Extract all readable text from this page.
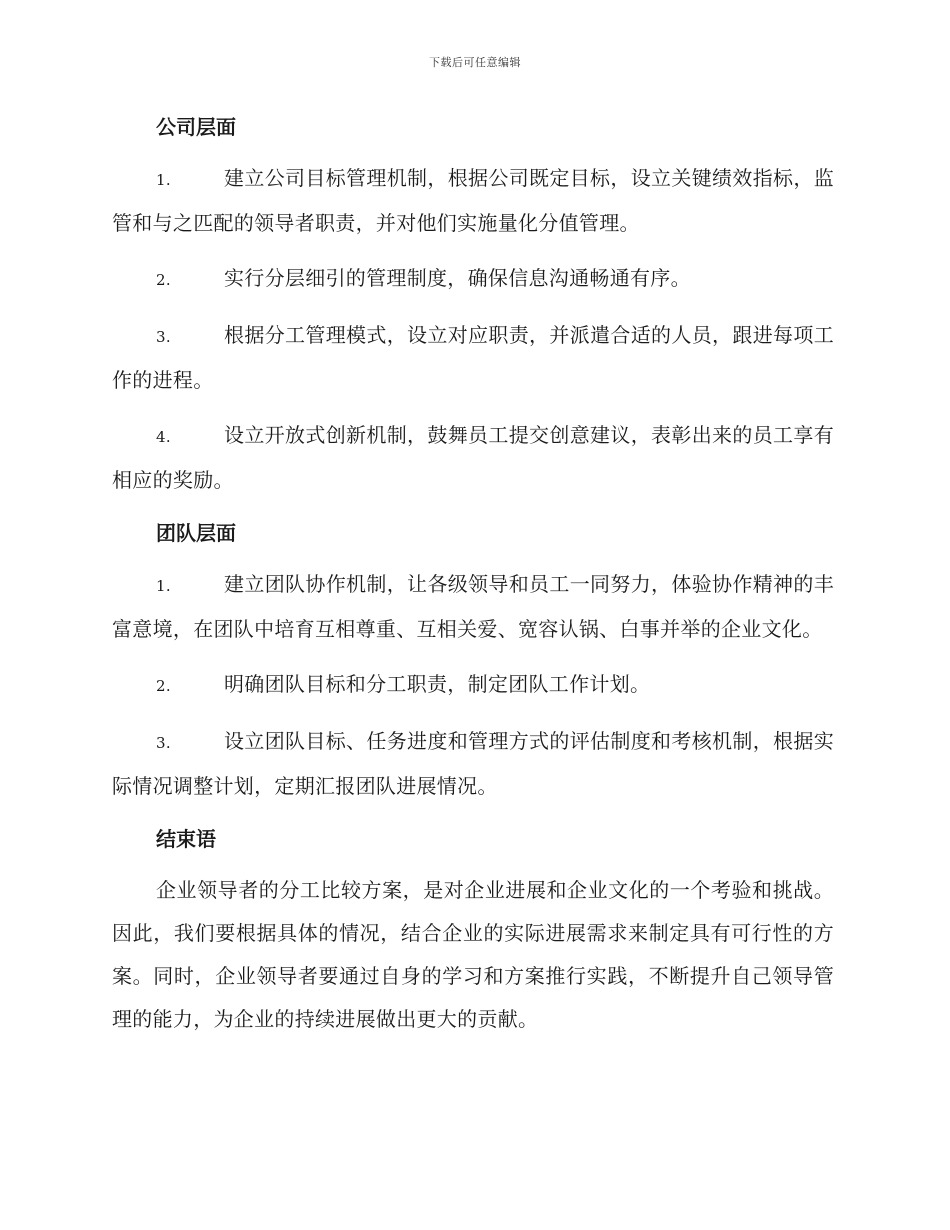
下载后可任意编辑
公司层面

1.	建立公司目标管理机制，根据公司既定目标，设立关键绩效指标，监管和与之匹配的领导者职责，并对他们实施量化分值管理。

2.	实行分层细引的管理制度，确保信息沟通畅通有序。

3.	根据分工管理模式，设立对应职责，并派遣合适的人员，跟进每项工作的进程。

4.	设立开放式创新机制，鼓舞员工提交创意建议，表彰出来的员工享有相应的奖励。

团队层面

1.	建立团队协作机制，让各级领导和员工一同努力，体验协作精神的丰富意境，在团队中培育互相尊重、互相关爱、宽容认锅、白事并举的企业文化。

2.	明确团队目标和分工职责，制定团队工作计划。

3.	设立团队目标、任务进度和管理方式的评估制度和考核机制，根据实际情况调整计划，定期汇报团队进展情况。

结束语

企业领导者的分工比较方案，是对企业进展和企业文化的一个考验和挑战。因此，我们要根据具体的情况，结合企业的实际进展需求来制定具有可行性的方案。同时，企业领导者要通过自身的学习和方案推行实践，不断提升自己领导管理的能力，为企业的持续进展做出更大的贡献。
